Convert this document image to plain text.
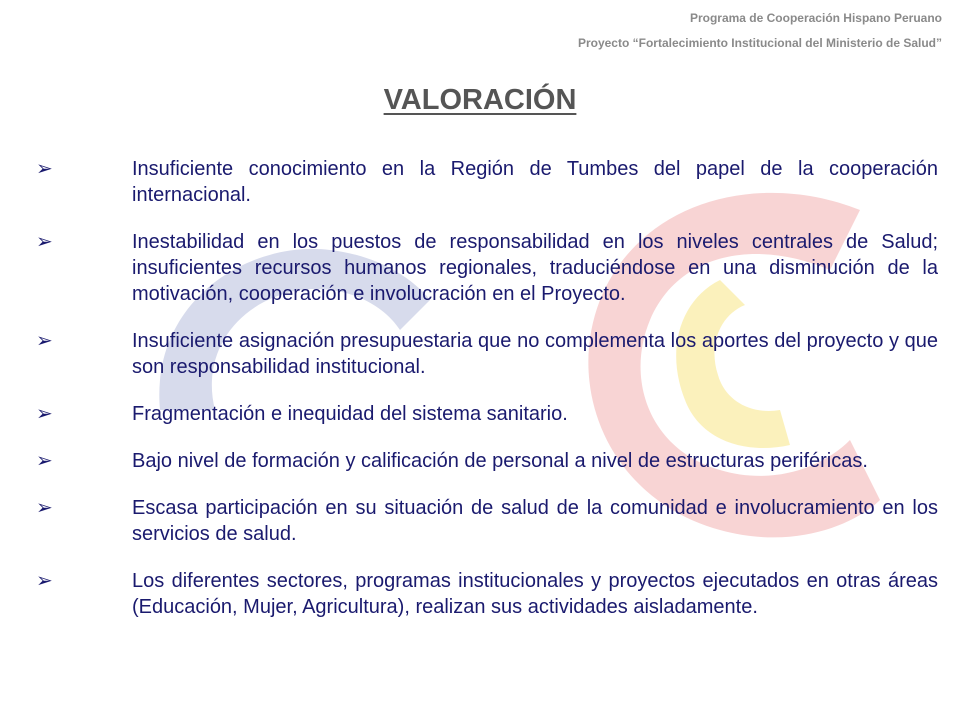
Programa de Cooperación Hispano Peruano
Proyecto “Fortalecimiento Institucional del Ministerio de Salud”
VALORACIÓN
➢	Insuficiente conocimiento en la Región de Tumbes del papel de la cooperación internacional.
➢	Inestabilidad en los puestos de responsabilidad en los niveles centrales de Salud; insuficientes recursos humanos regionales, traduciéndose en una disminución de la motivación, cooperación e involucración en el Proyecto.
➢	Insuficiente asignación presupuestaria que no complementa los aportes del proyecto y que son responsabilidad institucional.
➢	Fragmentación e inequidad del sistema sanitario.
➢	Bajo nivel de formación y calificación de personal a nivel de estructuras periféricas.
➢	Escasa participación en su situación de salud de la comunidad e involucramiento en los servicios de salud.
➢	Los diferentes sectores, programas institucionales y proyectos ejecutados en otras áreas (Educación, Mujer, Agricultura), realizan sus actividades aisladamente.
